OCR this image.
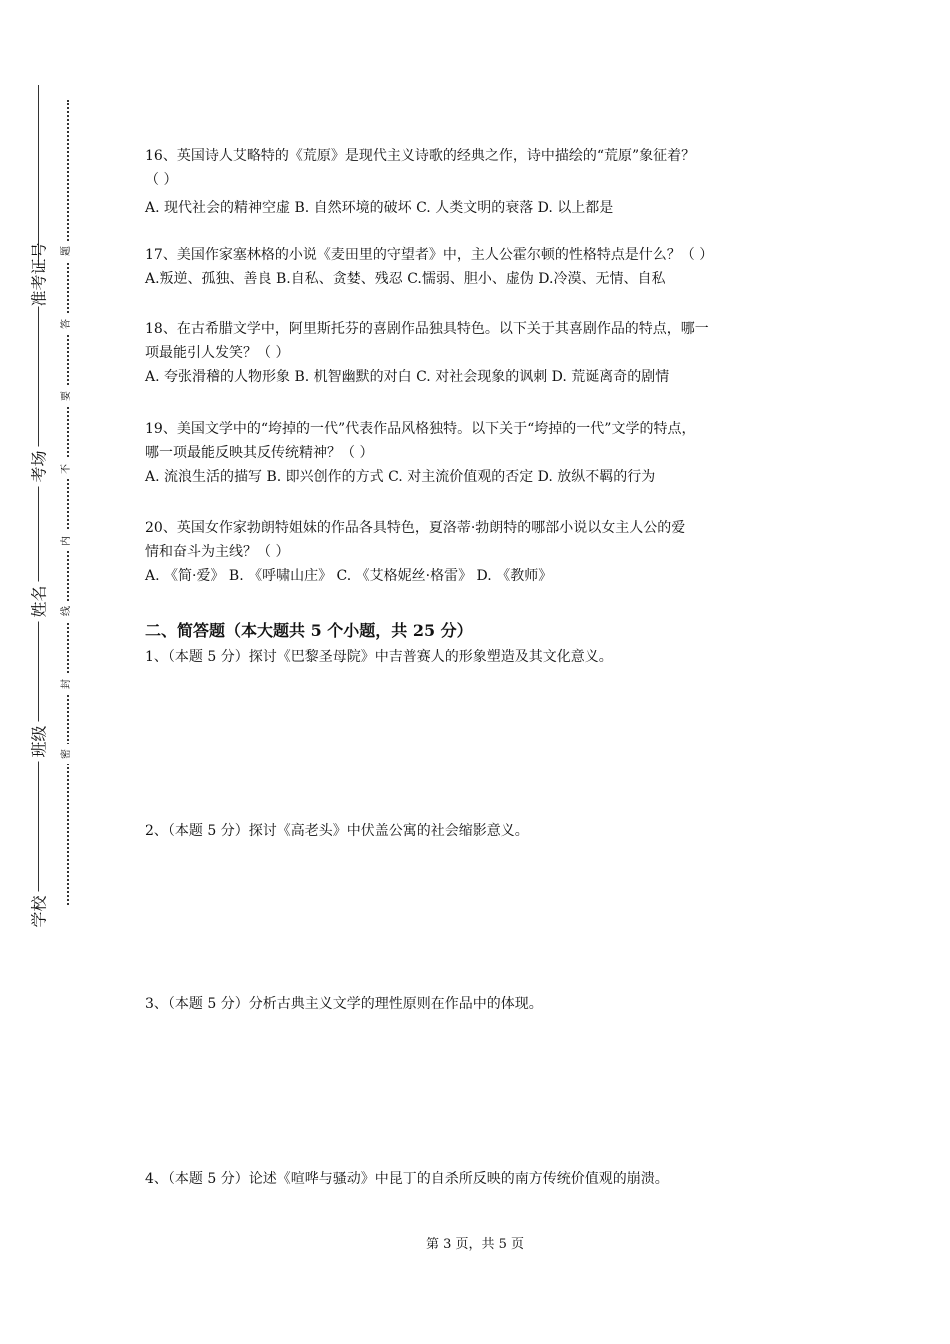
准考证号
考场
姓名
班级
学校
题
答
要
不
内
线
封
密

16、英国诗人艾略特的《荒原》是现代主义诗歌的经典之作，诗中描绘的“荒原”象征着？

（ ）

A. 现代社会的精神空虚 B. 自然环境的破坏 C. 人类文明的衰落 D. 以上都是

17、美国作家塞林格的小说《麦田里的守望者》中，主人公霍尔顿的性格特点是什么？（ ）

A.叛逆、孤独、善良 B.自私、贪婪、残忍 C.懦弱、胆小、虚伪 D.冷漠、无情、自私

18、在古希腊文学中，阿里斯托芬的喜剧作品独具特色。以下关于其喜剧作品的特点，哪一

项最能引人发笑？（ ）

A. 夸张滑稽的人物形象 B. 机智幽默的对白 C. 对社会现象的讽刺 D. 荒诞离奇的剧情

19、美国文学中的“垮掉的一代”代表作品风格独特。以下关于“垮掉的一代”文学的特点，

哪一项最能反映其反传统精神？（ ）

A. 流浪生活的描写 B. 即兴创作的方式 C. 对主流价值观的否定 D. 放纵不羁的行为

20、英国女作家勃朗特姐妹的作品各具特色，夏洛蒂·勃朗特的哪部小说以女主人公的爱

情和奋斗为主线？（ ）

A. 《简·爱》 B. 《呼啸山庄》 C. 《艾格妮丝·格雷》 D. 《教师》

二、简答题（本大题共 5 个小题，共 25 分）
1、（本题 5 分）探讨《巴黎圣母院》中吉普赛人的形象塑造及其文化意义。
2、（本题 5 分）探讨《高老头》中伏盖公寓的社会缩影意义。
3、（本题 5 分）分析古典主义文学的理性原则在作品中的体现。
4、（本题 5 分）论述《喧哗与骚动》中昆丁的自杀所反映的南方传统价值观的崩溃。
第 3 页，共 5 页
